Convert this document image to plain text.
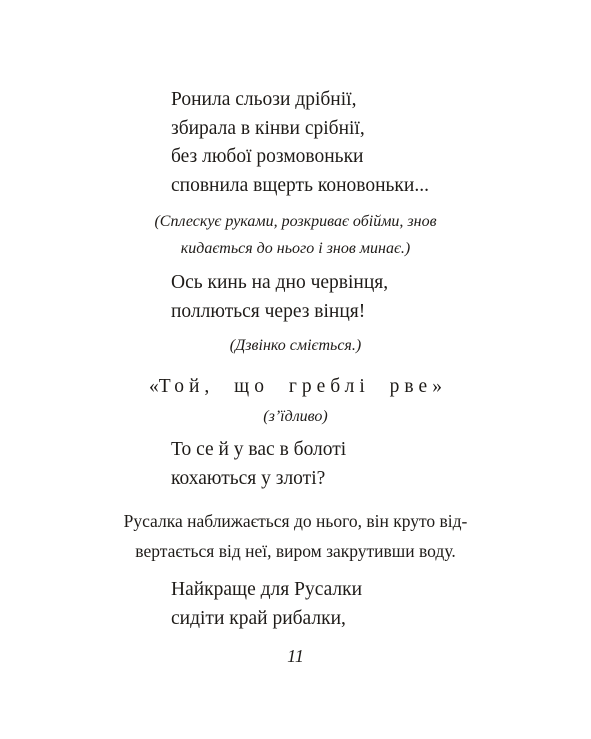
Ронила сльози дрібнії,
збирала в кінви срібнії,
без любої розмовоньки
сповнила вщерть коновоньки...
(Сплескує руками, розкриває обійми, знов
кидається до нього і знов минає.)
Ось кинь на дно червінця,
поллються через вінця!
(Дзвінко сміється.)
«Той, що греблі рве»
(з’їдливо)
То се й у вас в болоті
кохаються у злоті?
Русалка наближається до нього, він круто від-
вертається від неї, виром закрутивши воду.
Найкраще для Русалки
сидіти край рибалки,
11
